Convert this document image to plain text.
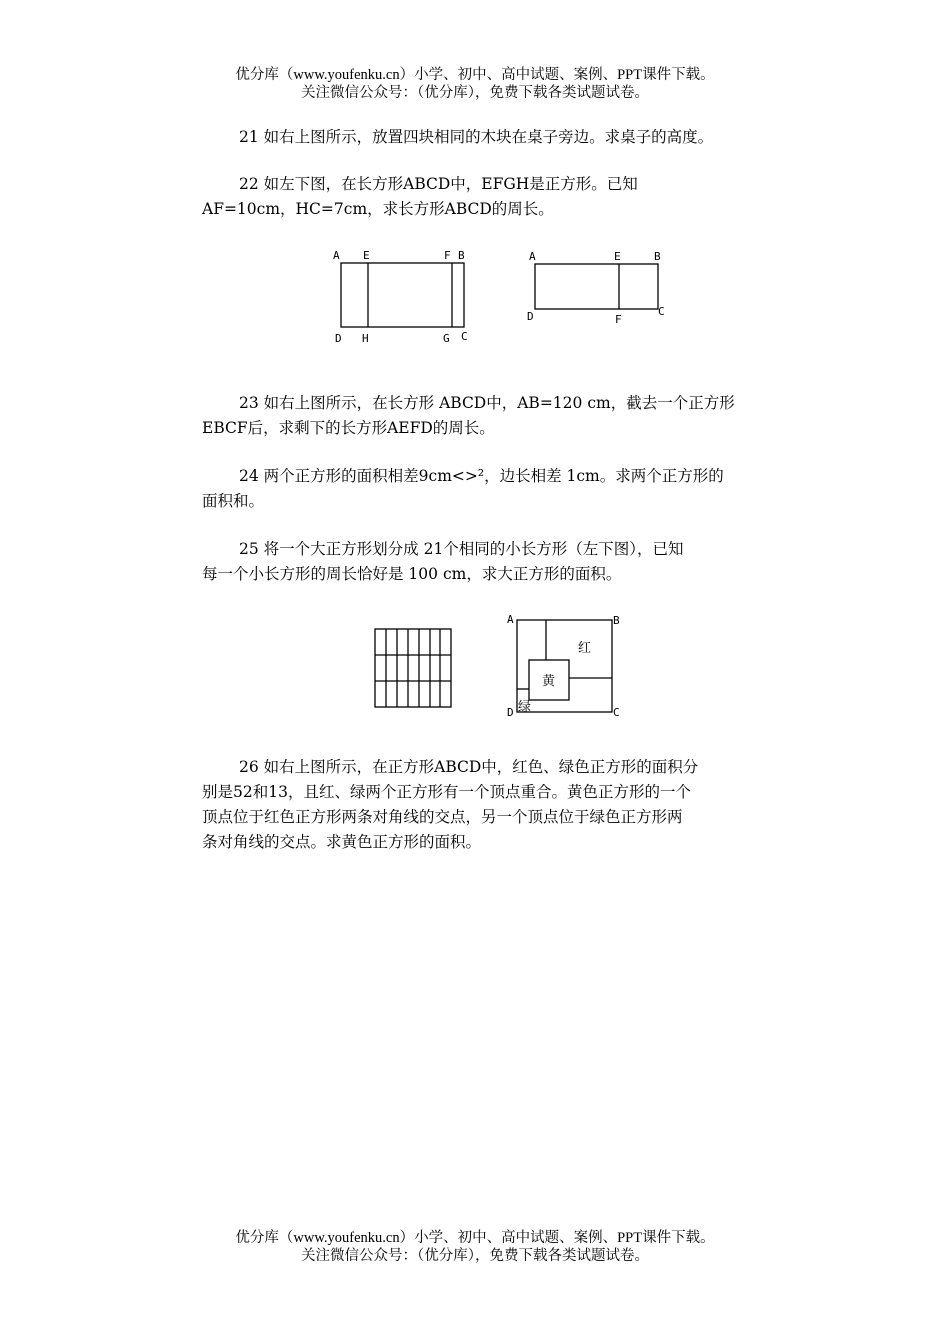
优分库（www.youfenku.cn）小学、初中、高中试题、案例、PPT课件下载。
关注微信公众号：（优分库），免费下载各类试题试卷。

21 如右上图所示，放置四块相同的木块在桌子旁边。求桌子的高度。

22 如左下图，在长方形ABCD中，EFGH是正方形。已知
AF=10cm，HC=7cm，求长方形ABCD的周长。

A E	F B
D H	G C
A	E	B
D	F
C

23 如右上图所示，在长方形 ABCD中，AB=120 cm，截去一个正方形
EBCF后，求剩下的长方形AEFD的周长。

24 两个正方形的面积相差9cm<>²，边长相差 1cm。求两个正方形的
面积和。

25 将一个大正方形划分成 21个相同的小长方形（左下图），已知
每一个小长方形的周长恰好是 100 cm，求大正方形的面积。

红
黄
绿
A	B
D	C

26 如右上图所示，在正方形ABCD中，红色、绿色正方形的面积分
别是52和13，且红、绿两个正方形有一个顶点重合。黄色正方形的一个
顶点位于红色正方形两条对角线的交点，另一个顶点位于绿色正方形两
条对角线的交点。求黄色正方形的面积。

优分库（www.youfenku.cn）小学、初中、高中试题、案例、PPT课件下载。
关注微信公众号：（优分库），免费下载各类试题试卷。
